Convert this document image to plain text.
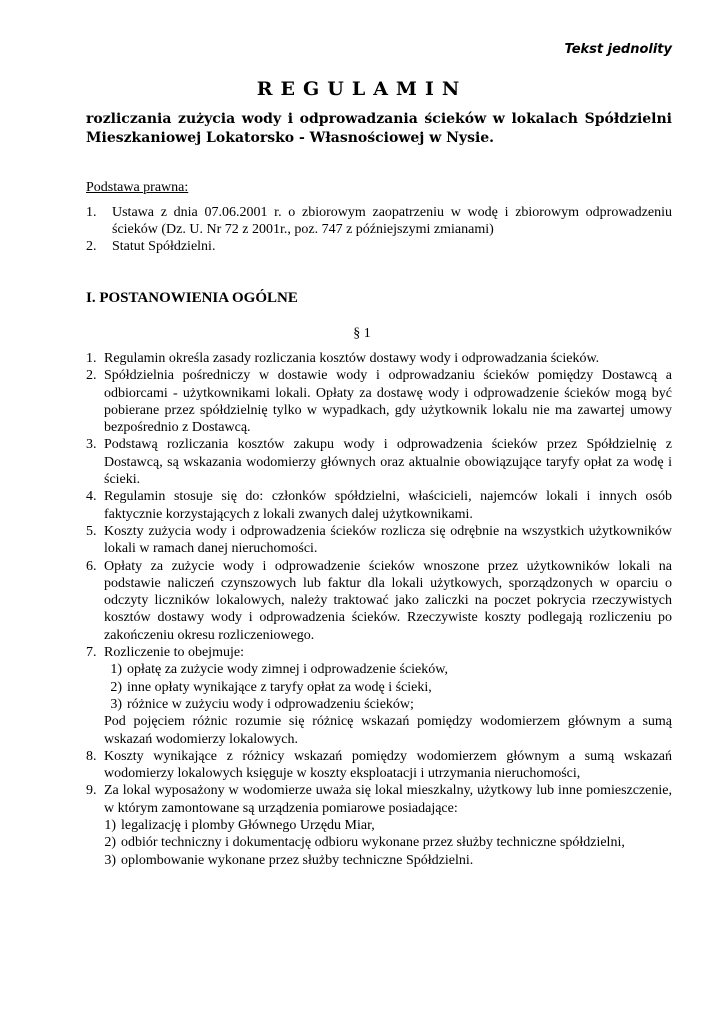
Tekst jednolity
REGULAMIN
rozliczania zużycia wody i odprowadzania ścieków w lokalach Spółdzielni Mieszkaniowej Lokatorsko - Własnościowej w Nysie.
Podstawa prawna:
1.	Ustawa z dnia 07.06.2001 r. o zbiorowym zaopatrzeniu w wodę i zbiorowym odprowadzeniu ścieków (Dz. U. Nr 72 z 2001r., poz. 747 z późniejszymi zmianami)
2.	Statut Spółdzielni.
I. POSTANOWIENIA OGÓLNE
§ 1
1. Regulamin określa zasady rozliczania kosztów dostawy wody i odprowadzania ścieków.
2. Spółdzielnia pośredniczy w dostawie wody i odprowadzaniu ścieków pomiędzy Dostawcą a odbiorcami - użytkownikami lokali. Opłaty za dostawę wody i odprowadzenie ścieków mogą być pobierane przez spółdzielnię tylko w wypadkach, gdy użytkownik lokalu nie ma zawartej umowy bezpośrednio z Dostawcą.
3. Podstawą rozliczania kosztów zakupu wody i odprowadzenia ścieków przez Spółdzielnię z Dostawcą, są wskazania wodomierzy głównych oraz aktualnie obowiązujące taryfy opłat za wodę i ścieki.
4. Regulamin stosuje się do: członków spółdzielni, właścicieli, najemców lokali i innych osób faktycznie korzystających z lokali zwanych dalej użytkownikami.
5. Koszty zużycia wody i odprowadzenia ścieków rozlicza się odrębnie na wszystkich użytkowników lokali w ramach danej nieruchomości.
6. Opłaty za zużycie wody i odprowadzenie ścieków wnoszone przez użytkowników lokali na podstawie naliczeń czynszowych lub faktur dla lokali użytkowych, sporządzonych w oparciu o odczyty liczników lokalowych, należy traktować jako zaliczki na poczet pokrycia rzeczywistych kosztów dostawy wody i odprowadzenia ścieków. Rzeczywiste koszty podlegają rozliczeniu po zakończeniu okresu rozliczeniowego.
7. Rozliczenie to obejmuje:
1) opłatę za zużycie wody zimnej i odprowadzenie ścieków,
2) inne opłaty wynikające z taryfy opłat za wodę i ścieki,
3) różnice w zużyciu wody i odprowadzeniu ścieków;
Pod pojęciem różnic rozumie się różnicę wskazań pomiędzy wodomierzem głównym a sumą wskazań wodomierzy lokalowych.
8. Koszty wynikające z różnicy wskazań pomiędzy wodomierzem głównym a sumą wskazań wodomierzy lokalowych księguje w koszty eksploatacji i utrzymania nieruchomości,
9. Za lokal wyposażony w wodomierze uważa się lokal mieszkalny, użytkowy lub inne pomieszczenie, w którym zamontowane są urządzenia pomiarowe posiadające:
1) legalizację i plomby Głównego Urzędu Miar,
2) odbiór techniczny i dokumentację odbioru wykonane przez służby techniczne spółdzielni,
3) oplombowanie wykonane przez służby techniczne Spółdzielni.
